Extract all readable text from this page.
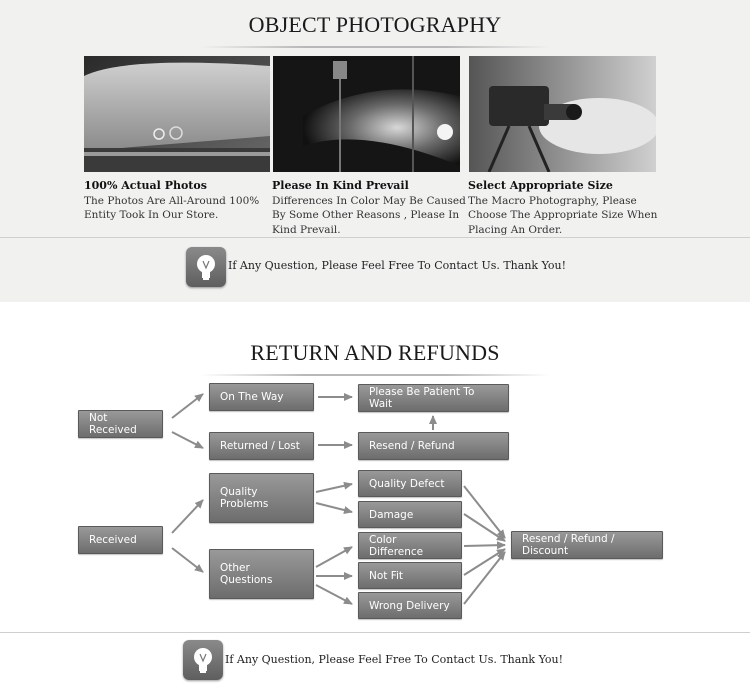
OBJECT PHOTOGRAPHY
100% Actual Photos
The Photos Are All-Around 100%
Entity Took In Our Store.
Please In Kind Prevail
Differences In Color May Be Caused
By Some Other Reasons , Please In
Kind Prevail.
Select Appropriate Size
The Macro Photography, Please
Choose The Appropriate Size When
Placing An Order.
If Any Question, Please Feel Free To Contact Us. Thank You!
RETURN AND REFUNDS
Not Received
On The Way
Returned / Lost
Please Be Patient To Wait
Resend / Refund
Received
Quality Problems
Other Questions
Quality Defect
Damage
Color Difference
Not Fit
Wrong Delivery
Resend / Refund / Discount
If Any Question, Please Feel Free To Contact Us. Thank You!
